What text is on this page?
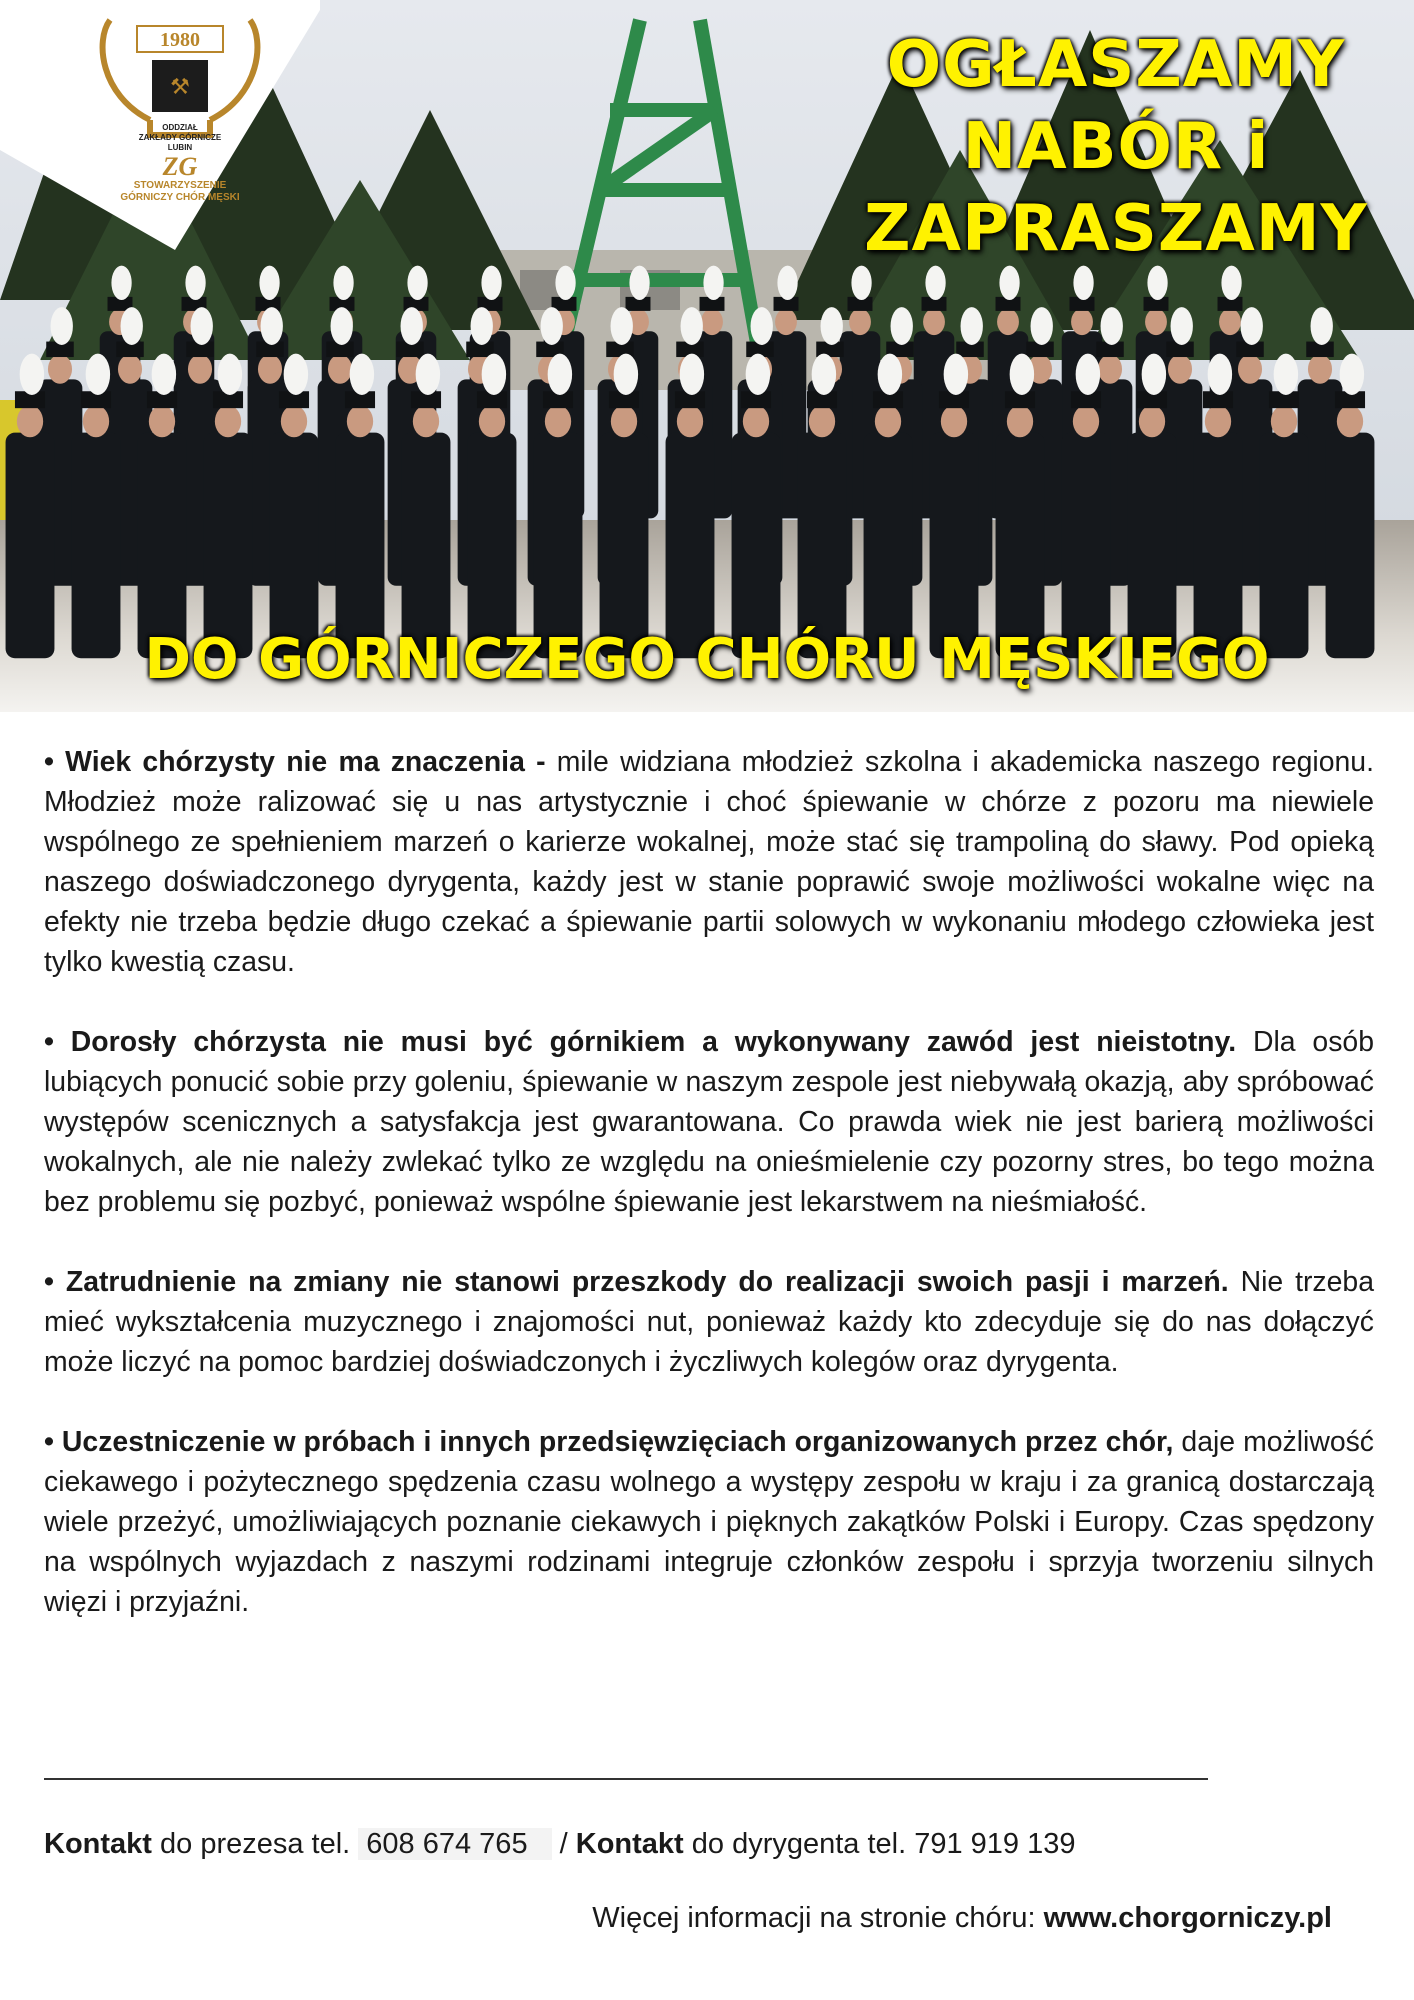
1980
⚒
ODDZIAŁ
ZAKŁADY GÓRNICZE
LUBIN
ZG
STOWARZYSZENIE
GÓRNICZY CHÓR MĘSKI
OGŁASZAMY
NABÓR i
ZAPRASZAMY
DO GÓRNICZEGO CHÓRU MĘSKIEGO

• Wiek chórzysty nie ma znaczenia - mile widziana młodzież szkolna i akademicka naszego regionu. Młodzież może ralizować się u nas artystycznie i choć śpiewanie w chórze z pozoru ma niewiele wspólnego ze spełnieniem marzeń o karierze wokalnej, może stać się trampoliną do sławy. Pod opieką naszego doświadczonego dyrygenta, każdy jest w stanie poprawić swoje możliwości wokalne więc na efekty nie trzeba będzie długo czekać a śpiewanie partii solowych w wykonaniu młodego człowieka jest tylko kwestią czasu.

• Dorosły chórzysta nie musi być górnikiem a wykonywany zawód jest nieistotny. Dla osób lubiących ponucić sobie przy goleniu, śpiewanie w naszym zespole jest niebywałą okazją, aby spróbować występów scenicznych a satysfakcja jest gwarantowana. Co prawda wiek nie jest barierą możliwości wokalnych, ale nie należy zwlekać tylko ze względu na onieśmielenie czy pozorny stres, bo tego można bez problemu się pozbyć, ponieważ wspólne śpiewanie jest lekarstwem na nieśmiałość.

• Zatrudnienie na zmiany nie stanowi przeszkody do realizacji swoich pasji i marzeń. Nie trzeba mieć wykształcenia muzycznego i znajomości nut, ponieważ każdy kto zdecyduje się do nas dołączyć może liczyć na pomoc bardziej doświadczonych i życzliwych kolegów oraz dyrygenta.

• Uczestniczenie w próbach i innych przedsięwzięciach organizowanych przez chór, daje możliwość ciekawego i pożytecznego spędzenia czasu wolnego a występy zespołu w kraju i za granicą dostarczają wiele przeżyć, umożliwiających poznanie ciekawych i pięknych zakątków Polski i Europy. Czas spędzony na wspólnych wyjazdach z naszymi rodzinami integruje członków zespołu i sprzyja tworzeniu silnych więzi i przyjaźni.

Kontakt do prezesa tel. 608 674 765 / Kontakt do dyrygenta tel. 791 919 139
Więcej informacji na stronie chóru: www.chorgorniczy.pl
